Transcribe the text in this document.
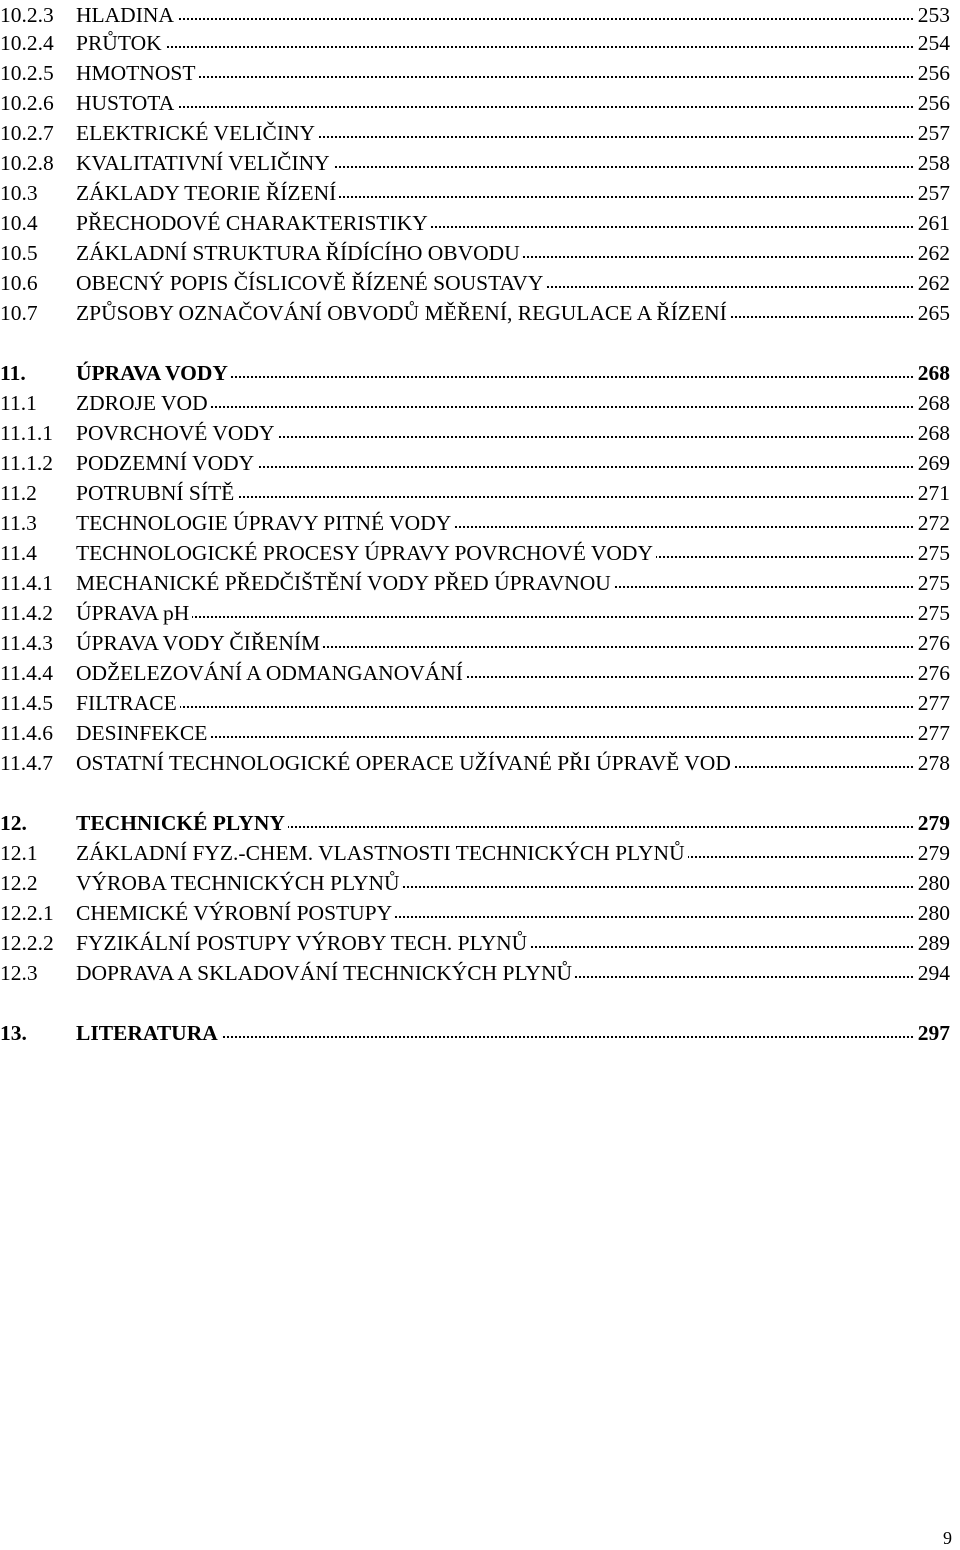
10.2.3 HLADINA	253
10.2.4 PRŮTOK	254
10.2.5 HMOTNOST	256
10.2.6 HUSTOTA	256
10.2.7 ELEKTRICKÉ VELIČINY	257
10.2.8 KVALITATIVNÍ VELIČINY	258
10.3 ZÁKLADY TEORIE ŘÍZENÍ	257
10.4 PŘECHODOVÉ CHARAKTERISTIKY	261
10.5 ZÁKLADNÍ STRUKTURA ŘÍDÍCÍHO OBVODU	262
10.6 OBECNÝ POPIS ČÍSLICOVĚ ŘÍZENÉ SOUSTAVY	262
10.7 ZPŮSOBY OZNAČOVÁNÍ OBVODŮ MĚŘENÍ, REGULACE A ŘÍZENÍ	265
11. ÚPRAVA VODY	268
11.1 ZDROJE VOD	268
11.1.1 POVRCHOVÉ VODY	268
11.1.2 PODZEMNÍ VODY	269
11.2 POTRUBNÍ SÍTĚ	271
11.3 TECHNOLOGIE ÚPRAVY PITNÉ VODY	272
11.4 TECHNOLOGICKÉ PROCESY ÚPRAVY POVRCHOVÉ VODY	275
11.4.1 MECHANICKÉ PŘEDČIŠTĚNÍ VODY PŘED ÚPRAVNOU	275
11.4.2 ÚPRAVA pH	275
11.4.3 ÚPRAVA VODY ČIŘENÍM	276
11.4.4 ODŽELEZOVÁNÍ A ODMANGANOVÁNÍ	276
11.4.5 FILTRACE	277
11.4.6 DESINFEKCE	277
11.4.7 OSTATNÍ TECHNOLOGICKÉ OPERACE UŽÍVANÉ PŘI ÚPRAVĚ VOD	278
12. TECHNICKÉ PLYNY	279
12.1 ZÁKLADNÍ FYZ.-CHEM. VLASTNOSTI TECHNICKÝCH PLYNŮ	279
12.2 VÝROBA TECHNICKÝCH PLYNŮ	280
12.2.1 CHEMICKÉ VÝROBNÍ POSTUPY	280
12.2.2 FYZIKÁLNÍ POSTUPY VÝROBY TECH. PLYNŮ	289
12.3 DOPRAVA A SKLADOVÁNÍ TECHNICKÝCH PLYNŮ	294
13. LITERATURA	297
9
